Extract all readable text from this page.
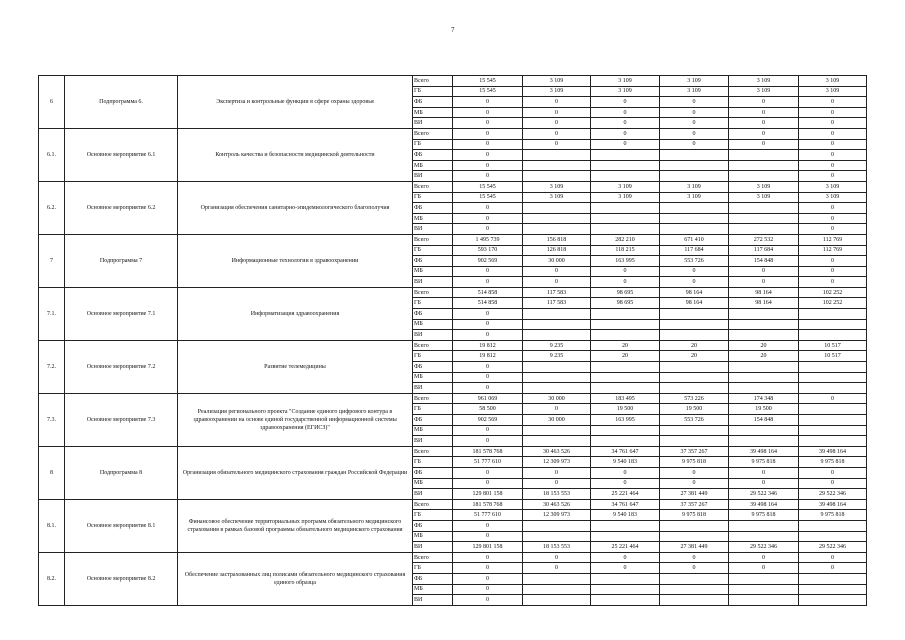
7
6	Подпрограмма 6.	Экспертиза и контрольные функции в сфере охраны здоровья	Всего	15 545	3 109	3 109	3 109	3 109	3 109
			ГБ	15 545	3 109	3 109	3 109	3 109	3 109
			ФБ	0	0	0	0	0	0
			МБ	0	0	0	0	0	0
			ВИ	0	0	0	0	0	0
6.1.	Основное мероприятие 6.1	Контроль качества и безопасности медицинской деятельности	Всего	0	0	0	0	0	0
			ГБ	0	0	0	0	0	0
			ФБ	0					0
			МБ	0					0
			ВИ	0					0
6.2.	Основное мероприятие 6.2	Организация обеспечения санитарно-эпидемиологического благополучия	Всего	15 545	3 109	3 109	3 109	3 109	3 109
			ГБ	15 545	3 109	3 109	3 109	3 109	3 109
			ФБ	0					0
			МБ	0					0
			ВИ	0					0
7	Подпрограмма 7	Информационные технологии в здравоохранении	Всего	1 495 739	156 818	282 210	671 410	272 532	112 769
			ГБ	593 170	126 818	118 215	117 684	117 684	112 769
			ФБ	902 569	30 000	163 995	553 726	154 848	0
			МБ	0	0	0	0	0	0
			ВИ	0	0	0	0	0	0
7.1.	Основное мероприятие 7.1	Информатизация здравоохранения	Всего	514 858	117 583	98 695	98 164	98 164	102 252
			ГБ	514 858	117 583	98 695	98 164	98 164	102 252
			ФБ	0					
			МБ	0					
			ВИ	0					
7.2.	Основное мероприятие 7.2	Развитие телемедицины	Всего	19 812	9 235	20	20	20	10 517
			ГБ	19 812	9 235	20	20	20	10 517
			ФБ	0					
			МБ	0					
			ВИ	0					
7.3.	Основное мероприятие 7.3	Реализация регионального проекта "Создание единого цифрового контура в здравоохранении на основе единой государственной информационной системы здравоохранения (ЕГИСЗ)"	Всего	961 069	30 000	183 495	573 226	174 348	0
			ГБ	58 500	0	19 500	19 500	19 500	
			ФБ	902 569	30 000	163 995	553 726	154 848	
			МБ	0					
			ВИ	0					
8	Подпрограмма 8	Организация обязательного медицинского страхования граждан Российской Федерации	Всего	181 578 768	30 463 526	34 761 647	37 357 267	39 498 164	39 498 164
			ГБ	51 777 610	12 309 973	9 540 183	9 975 818	9 975 818	9 975 818
			ФБ	0	0	0	0	0	0
			МБ	0	0	0	0	0	0
			ВИ	129 801 158	18 153 553	25 221 464	27 381 449	29 522 346	29 522 346
8.1.	Основное мероприятие 8.1	Финансовое обеспечение территориальных программ обязательного медицинского страхования в рамках базовой программы обязательного медицинского страхования	Всего	181 578 768	30 463 526	34 761 647	37 357 267	39 498 164	39 498 164
			ГБ	51 777 610	12 309 973	9 540 183	9 975 818	9 975 818	9 975 818
			ФБ	0					
			МБ	0					
			ВИ	129 801 158	18 153 553	25 221 464	27 381 449	29 522 346	29 522 346
8.2.	Основное мероприятие 8.2	Обеспечение застрахованных лиц полисами обязательного медицинского страхования единого образца	Всего	0	0	0	0	0	0
			ГБ	0	0	0	0	0	0
			ФБ	0					
			МБ	0					
			ВИ	0					
